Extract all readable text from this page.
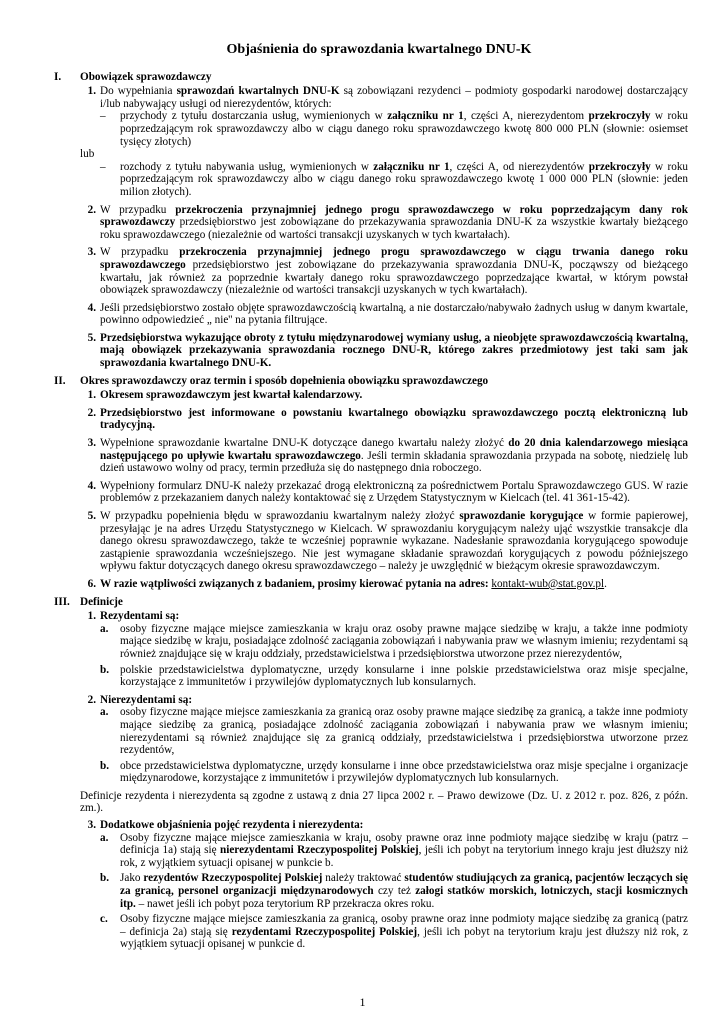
Objaśnienia do sprawozdania kwartalnego DNU-K
I. Obowiązek sprawozdawczy
1. Do wypełniania sprawozdań kwartalnych DNU-K są zobowiązani rezydenci – podmioty gospodarki narodowej dostarczający i/lub nabywający usługi od nierezydentów, których:
– przychody z tytułu dostarczania usług, wymienionych w załączniku nr 1, części A, nierezydentom przekroczyły w roku poprzedzającym rok sprawozdawczy albo w ciągu danego roku sprawozdawczego kwotę 800 000 PLN (słownie: osiemset tysięcy złotych)
lub
– rozchody z tytułu nabywania usług, wymienionych w załączniku nr 1, części A, od nierezydentów przekroczyły w roku poprzedzającym rok sprawozdawczy albo w ciągu danego roku sprawozdawczego kwotę 1 000 000 PLN (słownie: jeden milion złotych).
2. W przypadku przekroczenia przynajmniej jednego progu sprawozdawczego w roku poprzedzającym dany rok sprawozdawczy przedsiębiorstwo jest zobowiązane do przekazywania sprawozdania DNU-K za wszystkie kwartały bieżącego roku sprawozdawczego (niezależnie od wartości transakcji uzyskanych w tych kwartałach).
3. W przypadku przekroczenia przynajmniej jednego progu sprawozdawczego w ciągu trwania danego roku sprawozdawczego przedsiębiorstwo jest zobowiązane do przekazywania sprawozdania DNU-K, począwszy od bieżącego kwartału, jak również za poprzednie kwartały danego roku sprawozdawczego poprzedzające kwartał, w którym powstał obowiązek sprawozdawczy (niezależnie od wartości transakcji uzyskanych w tych kwartałach).
4. Jeśli przedsiębiorstwo zostało objęte sprawozdawczością kwartalną, a nie dostarczało/nabywało żadnych usług w danym kwartale, powinno odpowiedzieć „ nie'' na pytania filtrujące.
5. Przedsiębiorstwa wykazujące obroty z tytułu międzynarodowej wymiany usług, a nieobjęte sprawozdawczością kwartalną, mają obowiązek przekazywania sprawozdania rocznego DNU-R, którego zakres przedmiotowy jest taki sam jak sprawozdania kwartalnego DNU-K.
II. Okres sprawozdawczy oraz termin i sposób dopełnienia obowiązku sprawozdawczego
1. Okresem sprawozdawczym jest kwartał kalendarzowy.
2. Przedsiębiorstwo jest informowane o powstaniu kwartalnego obowiązku sprawozdawczego pocztą elektroniczną lub tradycyjną.
3. Wypełnione sprawozdanie kwartalne DNU-K dotyczące danego kwartału należy złożyć do 20 dnia kalendarzowego miesiąca następującego po upływie kwartału sprawozdawczego. Jeśli termin składania sprawozdania przypada na sobotę, niedzielę lub dzień ustawowo wolny od pracy, termin przedłuża się do następnego dnia roboczego.
4. Wypełniony formularz DNU-K należy przekazać drogą elektroniczną za pośrednictwem Portalu Sprawozdawczego GUS. W razie problemów z przekazaniem danych należy kontaktować się z Urzędem Statystycznym w Kielcach (tel. 41 361-15-42).
5. W przypadku popełnienia błędu w sprawozdaniu kwartalnym należy złożyć sprawozdanie korygujące w formie papierowej, przesyłając je na adres Urzędu Statystycznego w Kielcach. W sprawozdaniu korygującym należy ująć wszystkie transakcje dla danego okresu sprawozdawczego, także te wcześniej poprawnie wykazane. Nadesłanie sprawozdania korygującego spowoduje zastąpienie sprawozdania wcześniejszego. Nie jest wymagane składanie sprawozdań korygujących z powodu późniejszego wpływu faktur dotyczących danego okresu sprawozdawczego – należy je uwzględnić w bieżącym okresie sprawozdawczym.
6. W razie wątpliwości związanych z badaniem, prosimy kierować pytania na adres: kontakt-wub@stat.gov.pl.
III. Definicje
1. Rezydentami są:
a. osoby fizyczne mające miejsce zamieszkania w kraju oraz osoby prawne mające siedzibę w kraju, a także inne podmioty mające siedzibę w kraju, posiadające zdolność zaciągania zobowiązań i nabywania praw we własnym imieniu; rezydentami są również znajdujące się w kraju oddziały, przedstawicielstwa i przedsiębiorstwa utworzone przez nierezydentów,
b. polskie przedstawicielstwa dyplomatyczne, urzędy konsularne i inne polskie przedstawicielstwa oraz misje specjalne, korzystające z immunitetów i przywilejów dyplomatycznych lub konsularnych.
2. Nierezydentami są:
a. osoby fizyczne mające miejsce zamieszkania za granicą oraz osoby prawne mające siedzibę za granicą, a także inne podmioty mające siedzibę za granicą, posiadające zdolność zaciągania zobowiązań i nabywania praw we własnym imieniu; nierezydentami są również znajdujące się za granicą oddziały, przedstawicielstwa i przedsiębiorstwa utworzone przez rezydentów,
b. obce przedstawicielstwa dyplomatyczne, urzędy konsularne i inne obce przedstawicielstwa oraz misje specjalne i organizacje międzynarodowe, korzystające z immunitetów i przywilejów dyplomatycznych lub konsularnych.
Definicje rezydenta i nierezydenta są zgodne z ustawą z dnia 27 lipca 2002 r. – Prawo dewizowe (Dz. U. z 2012 r. poz. 826, z późn. zm.).
3. Dodatkowe objaśnienia pojęć rezydenta i nierezydenta:
a. Osoby fizyczne mające miejsce zamieszkania w kraju, osoby prawne oraz inne podmioty mające siedzibę w kraju (patrz – definicja 1a) stają się nierezydentami Rzeczypospolitej Polskiej, jeśli ich pobyt na terytorium innego kraju jest dłuższy niż rok, z wyjątkiem sytuacji opisanej w punkcie b.
b. Jako rezydentów Rzeczypospolitej Polskiej należy traktować studentów studiujących za granicą, pacjentów leczących się za granicą, personel organizacji międzynarodowych czy też załogi statków morskich, lotniczych, stacji kosmicznych itp. – nawet jeśli ich pobyt poza terytorium RP przekracza okres roku.
c. Osoby fizyczne mające miejsce zamieszkania za granicą, osoby prawne oraz inne podmioty mające siedzibę za granicą (patrz – definicja 2a) stają się rezydentami Rzeczypospolitej Polskiej, jeśli ich pobyt na terytorium kraju jest dłuższy niż rok, z wyjątkiem sytuacji opisanej w punkcie d.
1
